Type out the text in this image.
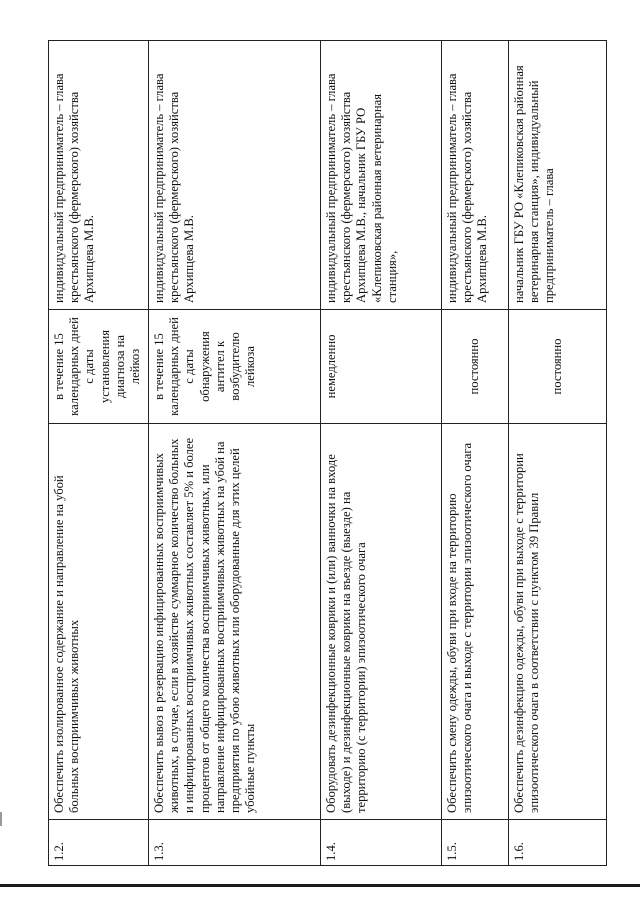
1.2.	Обеспечить изолированное содержание и направление на убой больных восприимчивых животных	в течение 15 календарных дней с даты установления диагноза на лейкоз	индивидуальный предприниматель – глава крестьянского (фермерского) хозяйства Архипцева М.В.
1.3.	Обеспечить вывоз в резервацию инфицированных восприимчивых животных, в случае, если в хозяйстве суммарное количество больных и инфицированных восприимчивых животных составляет 5% и более процентов от общего количества восприимчивых животных, или направление инфицированных восприимчивых животных на убой на предприятия по убою животных или оборудованные для этих целей убойные пункты	в течение 15 календарных дней с даты обнаружения антител к возбудителю лейкоза	индивидуальный предприниматель – глава крестьянского (фермерского) хозяйства Архипцева М.В.
1.4.	Оборудовать дезинфекционные коврики и (или) ванночки на входе (выходе) и дезинфекционные коврики на въезде (выезде) на территорию (с территории) эпизоотического очага	немедленно	индивидуальный предприниматель – глава крестьянского (фермерского) хозяйства Архипцева М.В., начальник ГБУ РО «Клепиковская районная ветеринарная станция»,
1.5.	Обеспечить смену одежды, обуви при входе на территорию эпизоотического очага и выходе с территории эпизоотического очага	постоянно	индивидуальный предприниматель – глава крестьянского (фермерского) хозяйства Архипцева М.В.
1.6.	Обеспечить дезинфекцию одежды, обуви при выходе с территории эпизоотического очага в соответствии с пунктом 39 Правил	постоянно	начальник ГБУ РО «Клепиковская районная ветеринарная станция», индивидуальный предприниматель – глава
